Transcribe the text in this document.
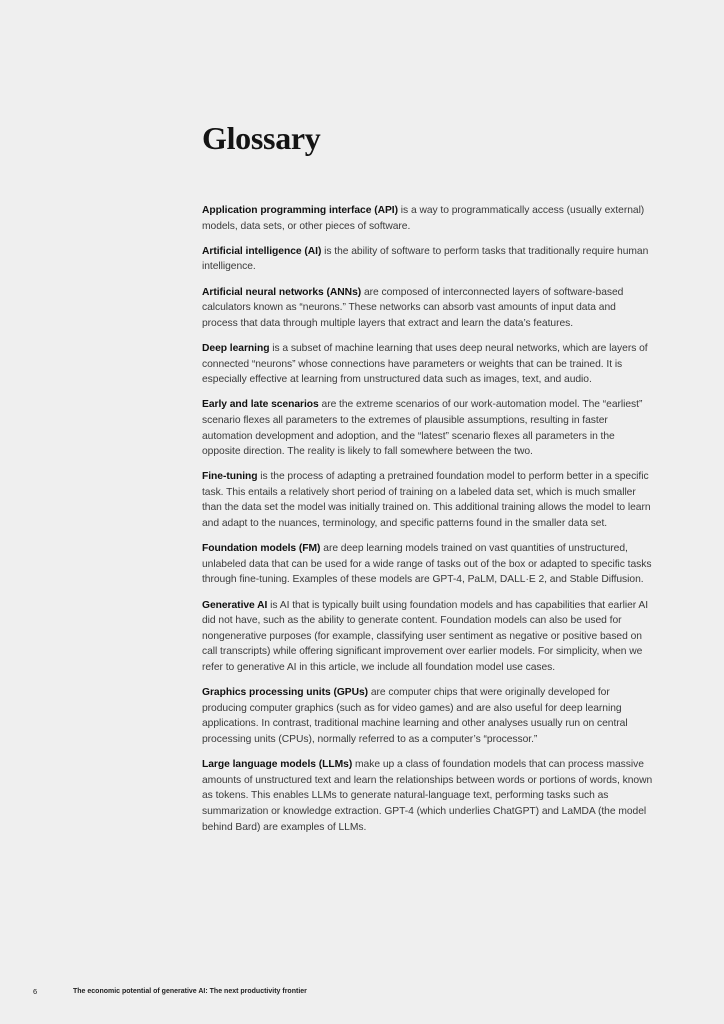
Glossary

Application programming interface (API) is a way to programmatically access (usually external) models, data sets, or other pieces of software.

Artificial intelligence (AI) is the ability of software to perform tasks that traditionally require human intelligence.

Artificial neural networks (ANNs) are composed of interconnected layers of software-based calculators known as “neurons.” These networks can absorb vast amounts of input data and process that data through multiple layers that extract and learn the data’s features.

Deep learning is a subset of machine learning that uses deep neural networks, which are layers of connected “neurons” whose connections have parameters or weights that can be trained. It is especially effective at learning from unstructured data such as images, text, and audio.

Early and late scenarios are the extreme scenarios of our work-automation model. The “earliest” scenario flexes all parameters to the extremes of plausible assumptions, resulting in faster automation development and adoption, and the “latest” scenario flexes all parameters in the opposite direction. The reality is likely to fall somewhere between the two.

Fine-tuning is the process of adapting a pretrained foundation model to perform better in a specific task. This entails a relatively short period of training on a labeled data set, which is much smaller than the data set the model was initially trained on. This additional training allows the model to learn and adapt to the nuances, terminology, and specific patterns found in the smaller data set.

Foundation models (FM) are deep learning models trained on vast quantities of unstructured, unlabeled data that can be used for a wide range of tasks out of the box or adapted to specific tasks through fine-tuning. Examples of these models are GPT-4, PaLM, DALL·E 2, and Stable Diffusion.

Generative AI is AI that is typically built using foundation models and has capabilities that earlier AI did not have, such as the ability to generate content. Foundation models can also be used for nongenerative purposes (for example, classifying user sentiment as negative or positive based on call transcripts) while offering significant improvement over earlier models. For simplicity, when we refer to generative AI in this article, we include all foundation model use cases.

Graphics processing units (GPUs) are computer chips that were originally developed for producing computer graphics (such as for video games) and are also useful for deep learning applications. In contrast, traditional machine learning and other analyses usually run on central processing units (CPUs), normally referred to as a computer’s “processor.”

Large language models (LLMs) make up a class of foundation models that can process massive amounts of unstructured text and learn the relationships between words or portions of words, known as tokens. This enables LLMs to generate natural-language text, performing tasks such as summarization or knowledge extraction. GPT-4 (which underlies ChatGPT) and LaMDA (the model behind Bard) are examples of LLMs.

6	The economic potential of generative AI: The next productivity frontier
